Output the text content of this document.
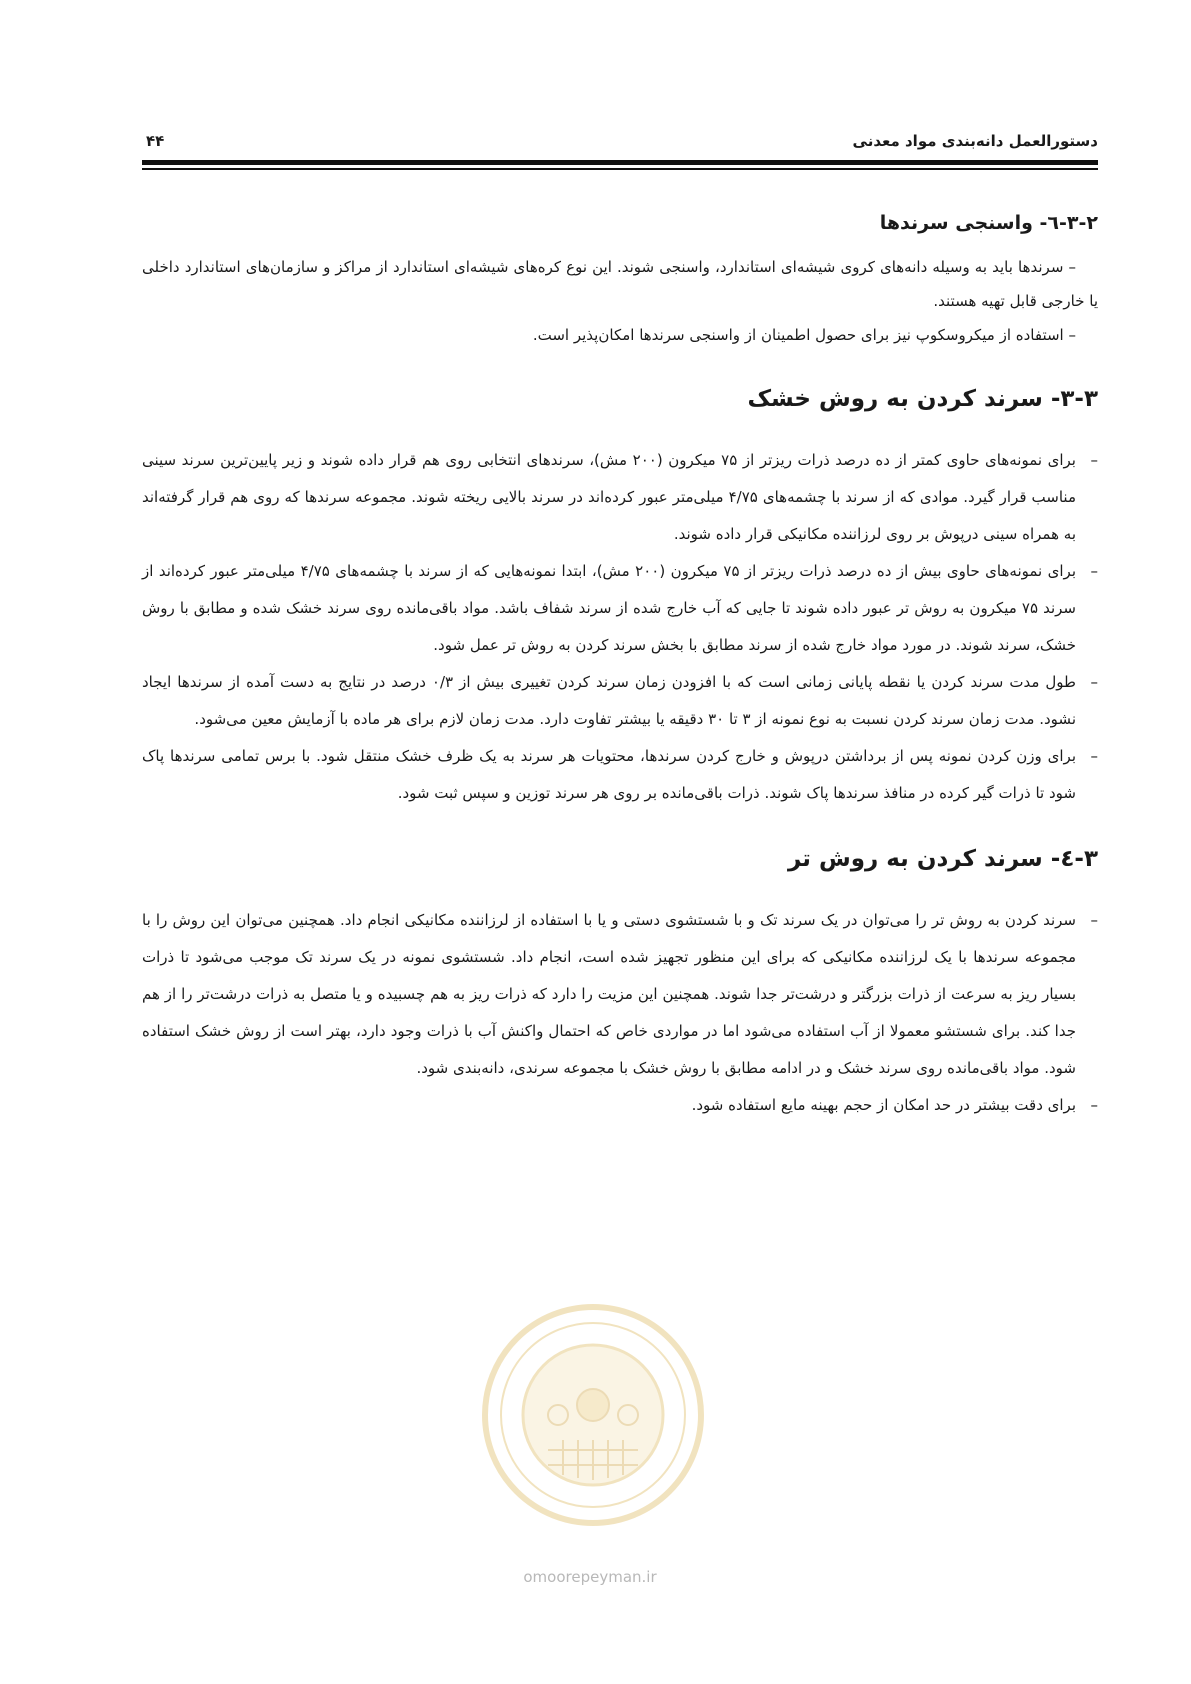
دستورالعمل دانه‌بندی مواد معدنی
۴۴
۳-۲-٦- واسنجی سرندها

– سرندها باید به وسیله دانه‌های کروی شیشه‌ای استاندارد، واسنجی شوند. این نوع کره‌های شیشه‌ای استاندارد از مراکز و سازمان‌های استاندارد داخلی یا خارجی قابل تهیه هستند.

– استفاده از میکروسکوپ نیز برای حصول اطمینان از واسنجی سرندها امکان‌پذیر است.

۳-۳- سرند کردن به روش خشک

–
برای نمونه‌های حاوی کمتر از ده درصد ذرات ریزتر از ۷۵ میکرون (۲۰۰ مش)، سرندهای انتخابی روی هم قرار داده شوند و زیر پایین‌ترین سرند سینی مناسب قرار گیرد. موادی که از سرند با چشمه‌های ۴/۷۵ میلی‌متر عبور کرده‌اند در سرند بالایی ریخته شوند. مجموعه سرندها که روی هم قرار گرفته‌اند به همراه سینی درپوش بر روی لرزاننده مکانیکی قرار داده شوند.

–
برای نمونه‌های حاوی بیش از ده درصد ذرات ریزتر از ۷۵ میکرون (۲۰۰ مش)، ابتدا نمونه‌هایی که از سرند با چشمه‌های ۴/۷۵ میلی‌متر عبور کرده‌اند از سرند ۷۵ میکرون به روش تر عبور داده شوند تا جایی که آب خارج شده از سرند شفاف باشد. مواد باقی‌مانده روی سرند خشک شده و مطابق با روش خشک، سرند شوند. در مورد مواد خارج شده از سرند مطابق با بخش سرند کردن به روش تر عمل شود.

–
طول مدت سرند کردن یا نقطه پایانی زمانی است که با افزودن زمان سرند کردن تغییری بیش از ۰/۳ درصد در نتایج به دست آمده از سرندها ایجاد نشود. مدت زمان سرند کردن نسبت به نوع نمونه از ۳ تا ۳۰ دقیقه یا بیشتر تفاوت دارد. مدت زمان لازم برای هر ماده با آزمایش معین می‌شود.

–
برای وزن کردن نمونه پس از برداشتن درپوش و خارج کردن سرندها، محتویات هر سرند به یک ظرف خشک منتقل شود. با برس تمامی سرندها پاک شود تا ذرات گیر کرده در منافذ سرندها پاک شوند. ذرات باقی‌مانده بر روی هر سرند توزین و سپس ثبت شود.

۳-٤- سرند کردن به روش تر

–
سرند کردن به روش تر را می‌توان در یک سرند تک و با شستشوی دستی و یا با استفاده از لرزاننده مکانیکی انجام داد. همچنین می‌توان این روش را با مجموعه سرندها با یک لرزاننده مکانیکی که برای این منظور تجهیز شده است، انجام داد. شستشوی نمونه در یک سرند تک موجب می‌شود تا ذرات بسیار ریز به سرعت از ذرات بزرگتر و درشت‌تر جدا شوند. همچنین این مزیت را دارد که ذرات ریز به هم چسبیده و یا متصل به ذرات درشت‌تر را از هم جدا کند. برای شستشو معمولا از آب استفاده می‌شود اما در مواردی خاص که احتمال واکنش آب با ذرات وجود دارد، بهتر است از روش خشک استفاده شود. مواد باقی‌مانده روی سرند خشک و در ادامه مطابق با روش خشک با مجموعه سرندی، دانه‌بندی شود.

–
برای دقت بیشتر در حد امکان از حجم بهینه مایع استفاده شود.

omoorepeyman.ir
